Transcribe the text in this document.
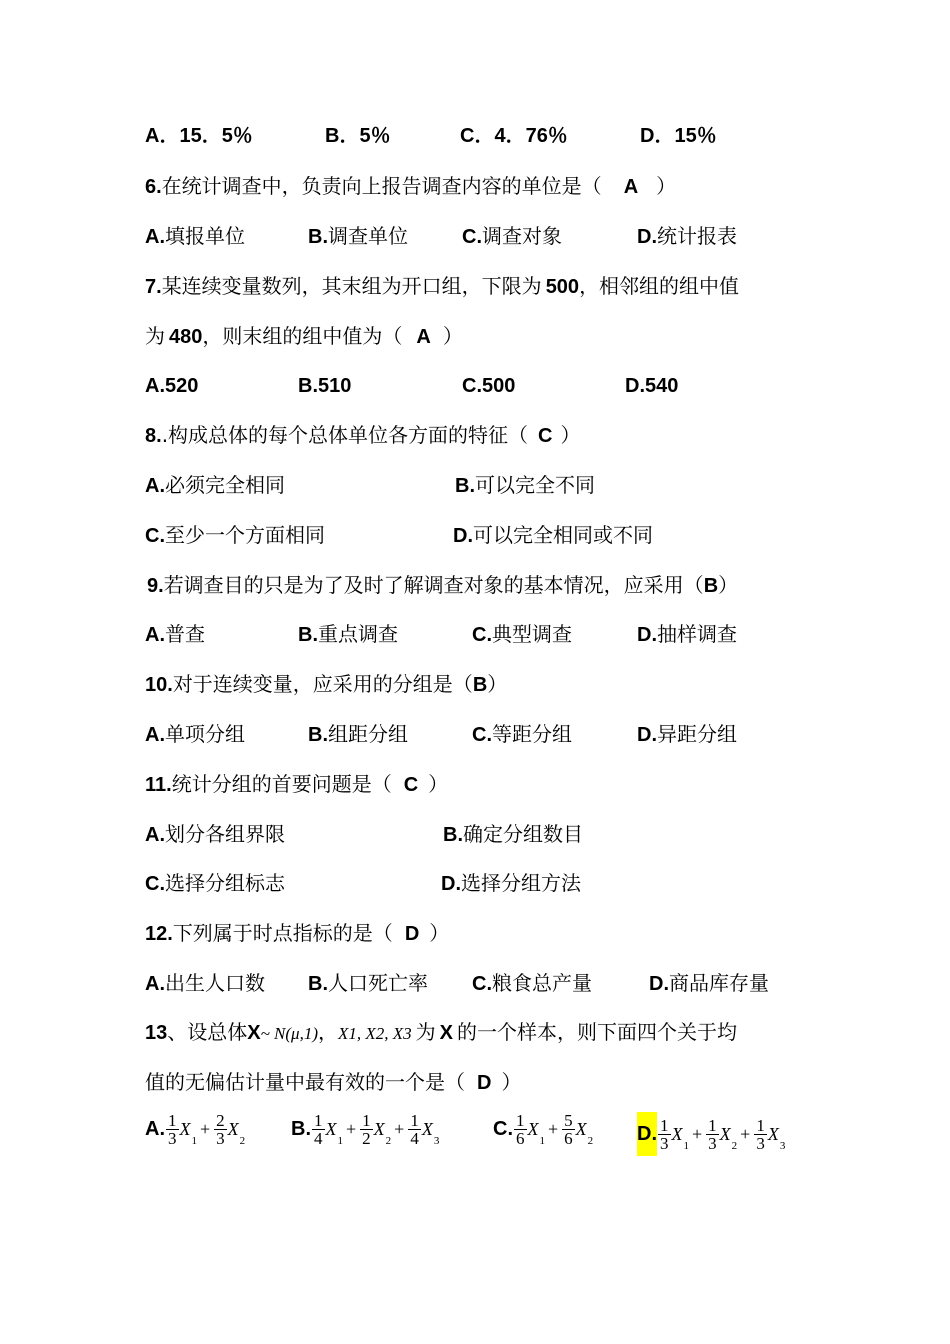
A．15．5％	B．5％	C．4．76％	D．15％
6.在统计调查中，负责向上报告调查内容的单位是（ A ）
A.填报单位	B.调查单位	C.调查对象	D.统计报表
7.某连续变量数列，其末组为开口组，下限为 500，相邻组的组中值
为 480，则末组的组中值为（ A ）
A.520	B.510	C.500	D.540
8..构成总体的每个总体单位各方面的特征（ C ）
A.必须完全相同	B.可以完全不同
C.至少一个方面相同	D.可以完全相同或不同
9.若调查目的只是为了及时了解调查对象的基本情况，应采用（B）
A.普查	B.重点调查	C.典型调查	D.抽样调查
10.对于连续变量，应采用的分组是（B）
A.单项分组	B.组距分组	C.等距分组	D.异距分组
11.统计分组的首要问题是（ C ）
A.划分各组界限	B.确定分组数目
C.选择分组标志	D.选择分组方法
12.下列属于时点指标的是（ D ）
A.出生人口数 B.人口死亡率 C.粮食总产量	D.商品库存量
13、设总体X~ N(μ,1)，X1, X2, X3 为 X 的一个样本，则下面四个关于均
值的无偏估计量中最有效的一个是（ D ）
A. $\frac{1}{3} X_1+ \frac{2}{3} X_2$
B. $\frac{1}{4} X_1+ \frac{1}{2} X_2+ \frac{1}{4} X_3$
C. $\frac{1}{6} X_1+ \frac{5}{6} X_2$ D. $\frac{1}{3} X_1+ \frac{1}{3} X_2+ \frac{1}{3} X_3$
